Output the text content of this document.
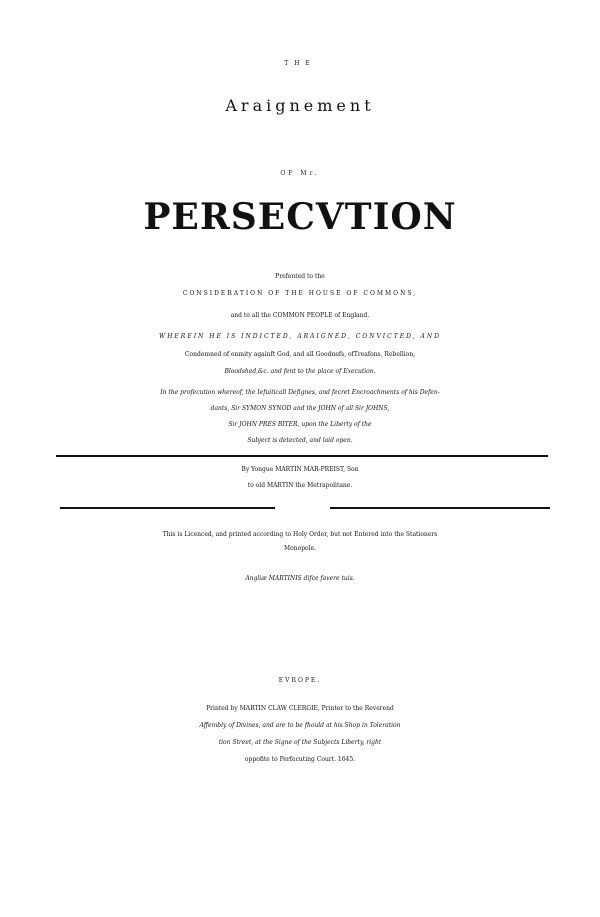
THE
Araignement
OF Mr.
PERSECVTION
Prefented to the
CONSIDERATION OF THE HOUSE OF COMMONS,
and to all the COMMON PEOPLE of England.
WHEREIN HE IS INDICTED, ARAIGNED, CONVICTED, AND
Condemned of enmity againft God, and all Goodnefs, ofTreafons, Rebellion,
Bloodshed,&c. and fent to the place of Execution.
In the profecution whereof, the Iefuiticall Defignes, and fecret Encroachments of his Defen-
dants, Sir SYMON SYNOD and the JOHN of all Sir JOHNS,
Sir JOHN PRES BITER, upon the Liberty of the
Subject is detected, and laid open.
By Yongue MARTIN MAR-PREIST, Son
to old MARTIN the Metrapolitane.
This is Licenced, and printed according to Holy Order, but not Entered into the Stationers
Monopole.
Angliæ MARTINIS difce favere tuis.
EVROPE.
Printed by MARTIN CLAW CLERGIE, Printer to the Reverend
Affembly of Divines, and are to be fhould at his Shop in Toleration
tion Street, at the Signe of the Subjects Liberty, right
oppofite to Perfecuting Court. 1645.
